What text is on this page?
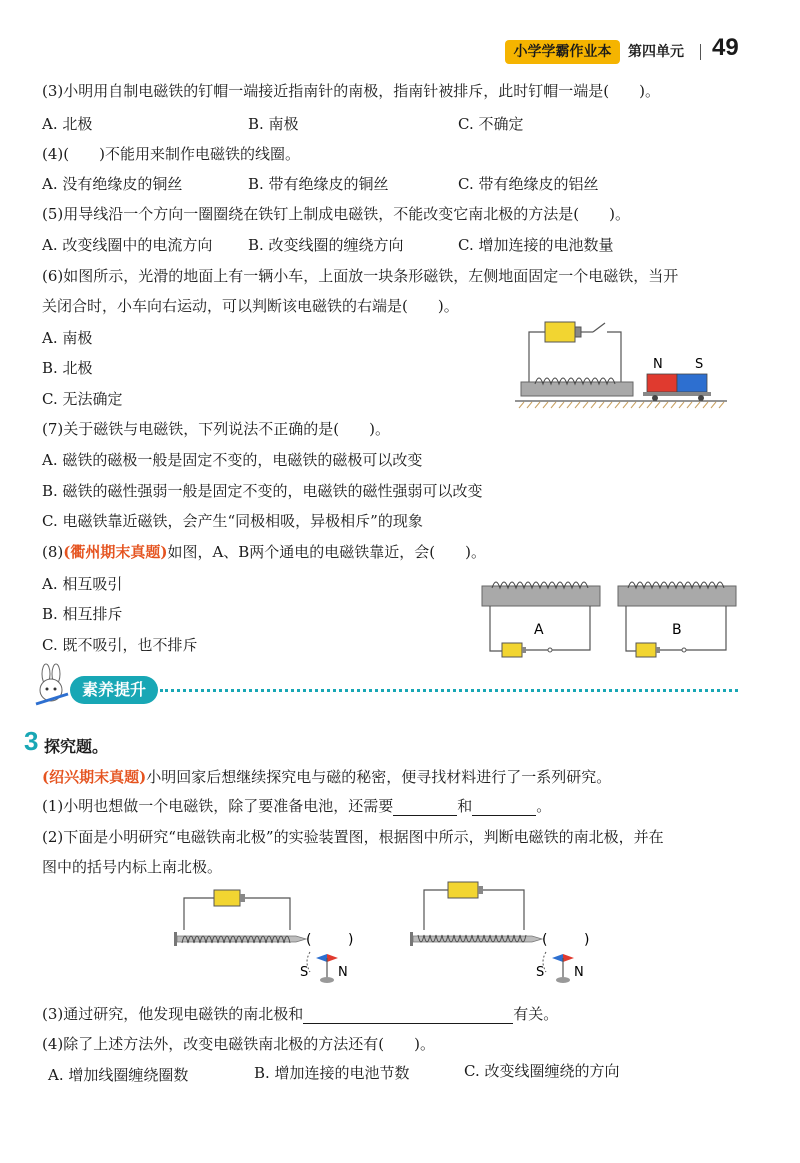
小学学霸作业本	第四单元 49
(3)小明用自制电磁铁的钉帽一端接近指南针的南极，指南针被排斥，此时钉帽一端是(　　)。
A. 北极	B. 南极	C. 不确定
(4)(　　)不能用来制作电磁铁的线圈。
A. 没有绝缘皮的铜丝	B. 带有绝缘皮的铜丝	C. 带有绝缘皮的铝丝
(5)用导线沿一个方向一圈圈绕在铁钉上制成电磁铁，不能改变它南北极的方法是(　　)。
A. 改变线圈中的电流方向 B. 改变线圈的缠绕方向	C. 增加连接的电池数量
(6)如图所示，光滑的地面上有一辆小车，上面放一块条形磁铁，左侧地面固定一个电磁铁，当开
关闭合时，小车向右运动，可以判断该电磁铁的右端是(　　)。
A. 南极
B. 北极
C. 无法确定
N S
(7)关于磁铁与电磁铁，下列说法不正确的是(　　)。
A. 磁铁的磁极一般是固定不变的，电磁铁的磁极可以改变
B. 磁铁的磁性强弱一般是固定不变的，电磁铁的磁性强弱可以改变
C. 电磁铁靠近磁铁，会产生“同极相吸，异极相斥”的现象
(8)(衢州期末真题)如图，A、B两个通电的电磁铁靠近，会(　　)。
A. 相互吸引
B. 相互排斥
C. 既不吸引，也不排斥
A	B
素养提升
3 探究题。
(绍兴期末真题)小明回家后想继续探究电与磁的秘密，便寻找材料进行了一系列研究。
(1)小明也想做一个电磁铁，除了要准备电池，还需要	和	。
(2)下面是小明研究“电磁铁南北极”的实验装置图，根据图中所示，判断电磁铁的南北极，并在
图中的括号内标上南北极。
(	)
S N
(	)
S N
(3)通过研究，他发现电磁铁的南北极和	有关。
(4)除了上述方法外，改变电磁铁南北极的方法还有(　　)。
A. 增加线圈缠绕圈数	B. 增加连接的电池节数	C. 改变线圈缠绕的方向
